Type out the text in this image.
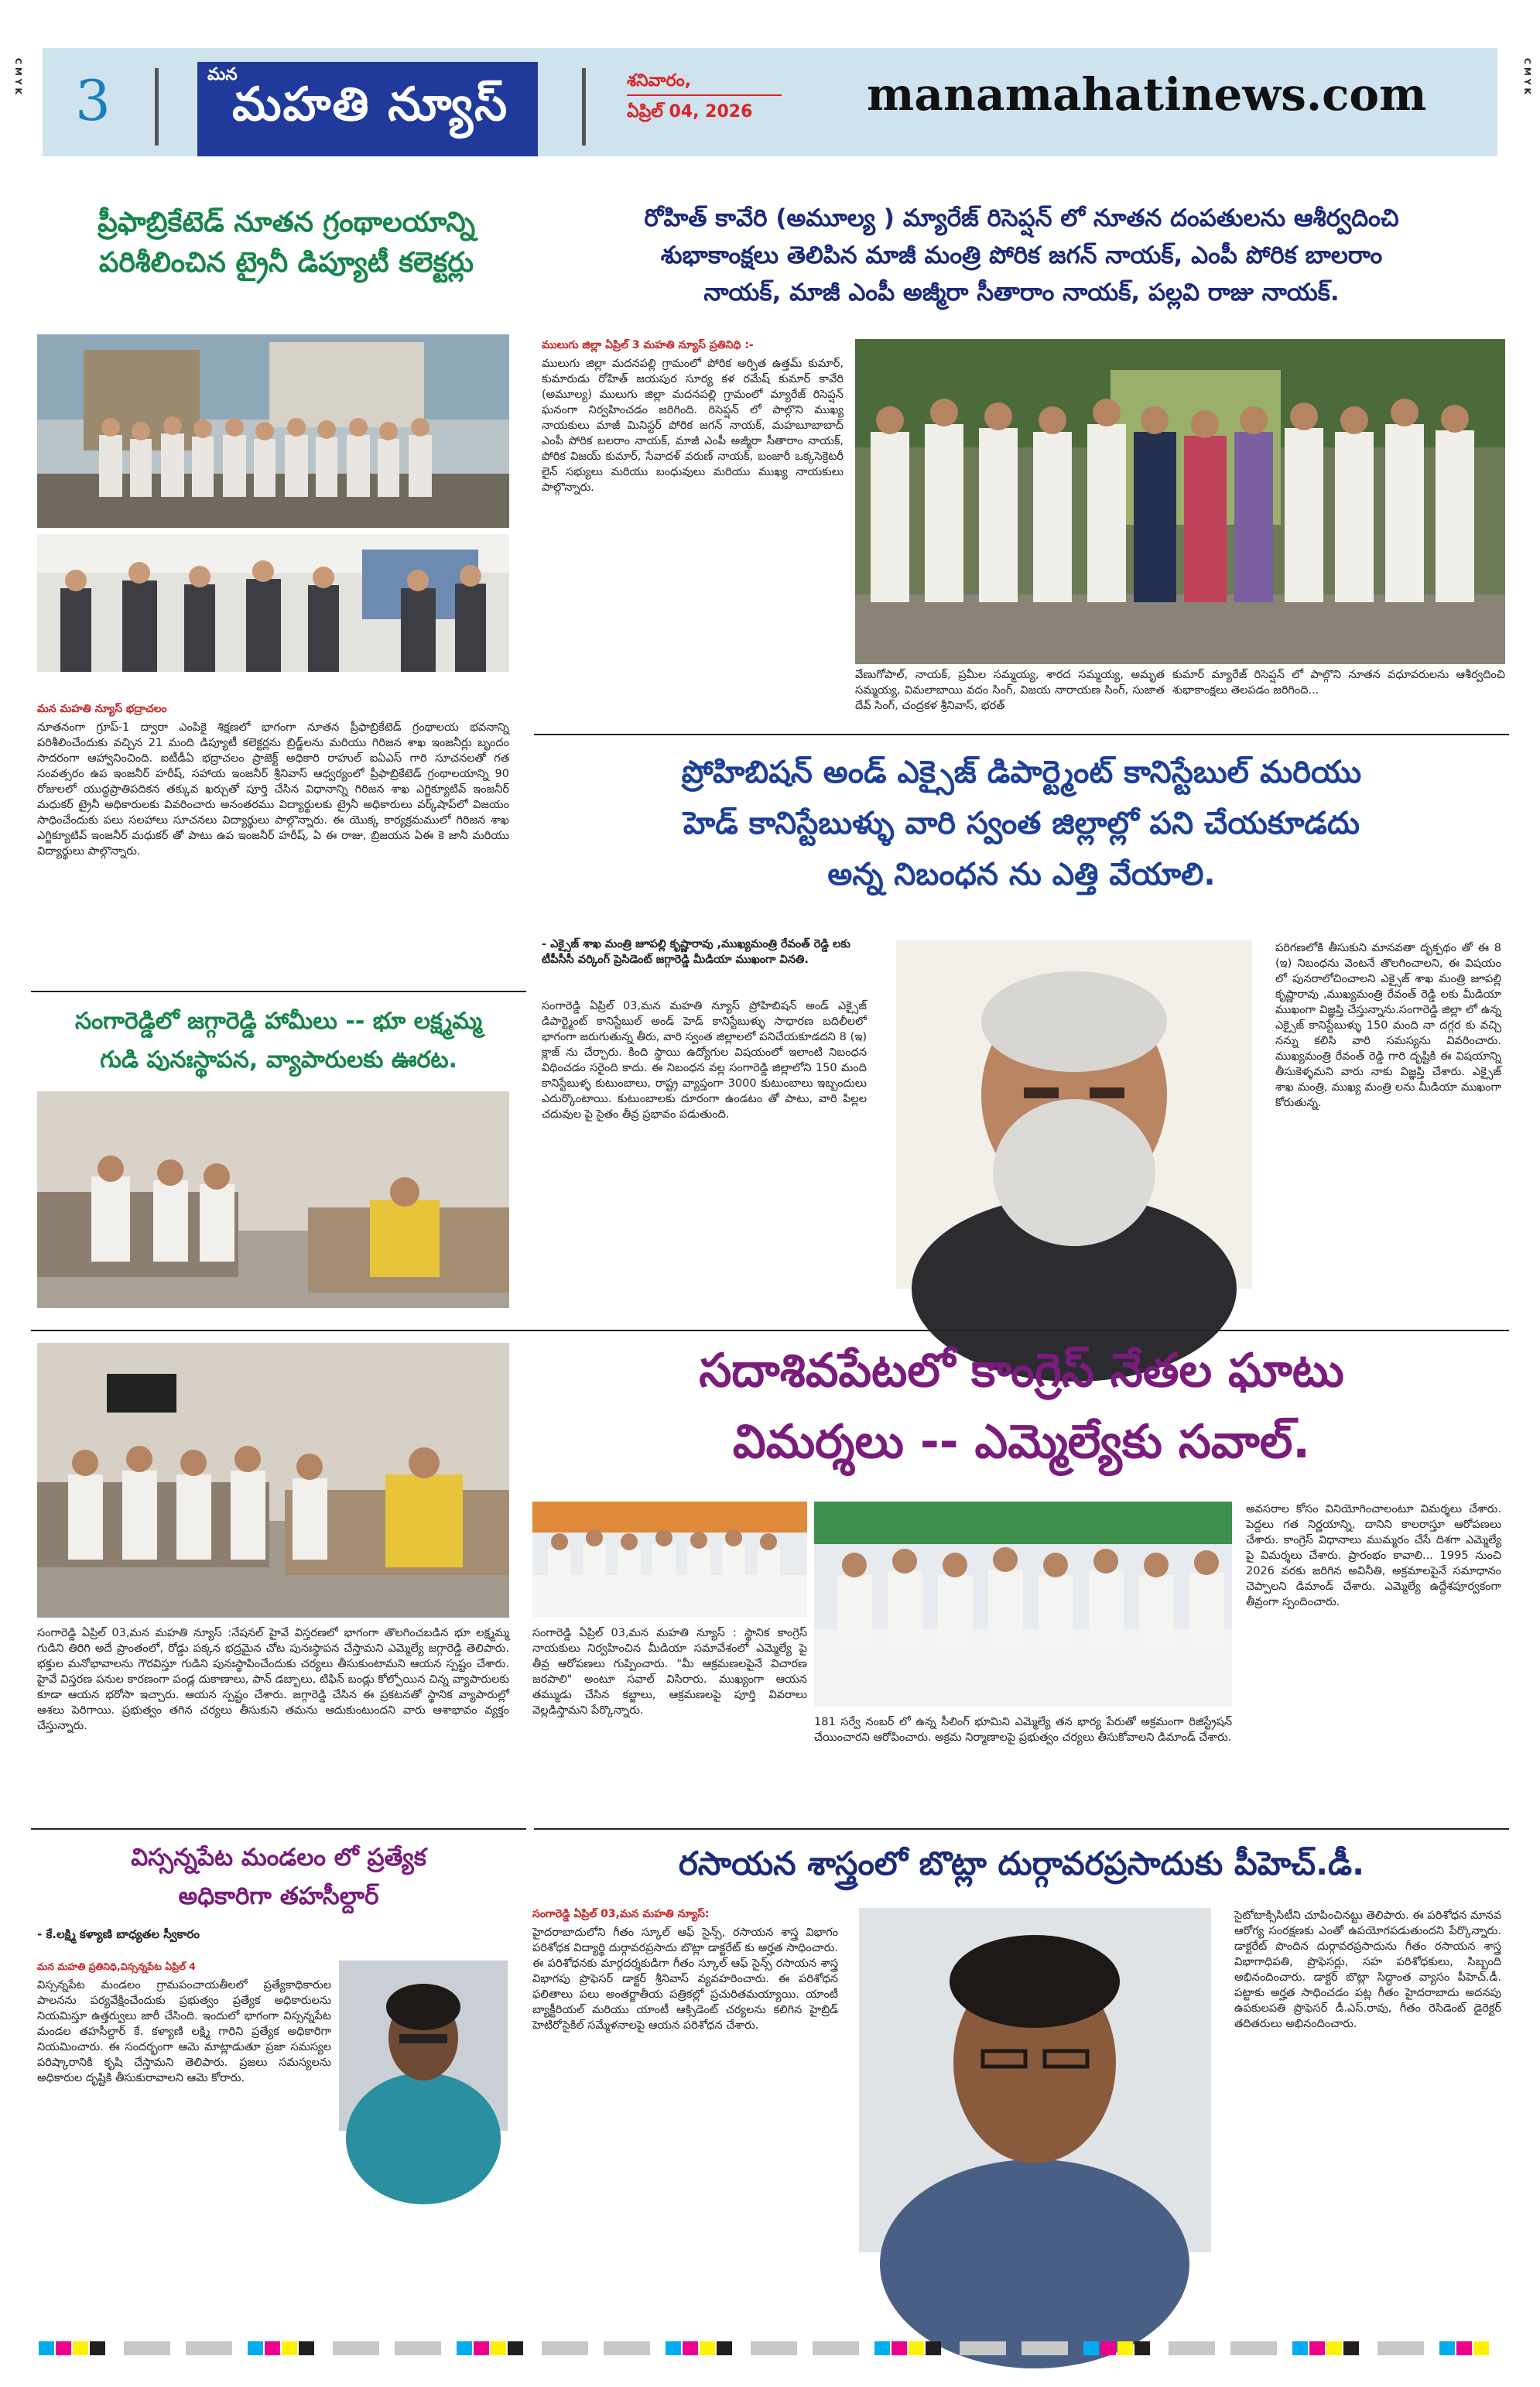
C M Y K	C M Y K
3	మన
మహతి న్యూస్	శనివారం,
ఏప్రిల్ 04, 2026	manamahatinews.com
ప్రీఫాబ్రికేటెడ్ నూతన గ్రంథాలయాన్ని
పరిశీలించిన ట్రైనీ డిప్యూటీ కలెక్టర్లు
మన మహతి న్యూస్ భద్రాచలం
నూతనంగా గ్రూప్-1 ద్వారా ఎంపికై శిక్షణలో భాగంగా నూతన ప్రీఫాబ్రికేటెడ్ గ్రంథాలయ భవనాన్ని పరిశీలించేందుకు వచ్చిన 21 మంది డిప్యూటీ కలెక్టర్లను బ్రిడ్జ్‌లను మరియు గిరిజన శాఖ ఇంజనీర్లు బృందం సాదరంగా ఆహ్వానించింది. ఐటీడీఏ భద్రాచలం ప్రాజెక్ట్ అధికారి రాహుల్ ఐఏఎస్ గారి సూచనలతో గత సంవత్సరం ఉప ఇంజనీర్ హరీష్, సహాయ ఇంజనీర్ శ్రీనివాస్ ఆధ్వర్యంలో ప్రీఫాబ్రికేటెడ్ గ్రంథాలయాన్ని 90 రోజులలో యుద్ధప్రాతిపదికన తక్కువ ఖర్చుతో పూర్తి చేసిన విధానాన్ని గిరిజన శాఖ ఎగ్జిక్యూటివ్ ఇంజనీర్ మధుకర్ ట్రైనీ అధికారులకు వివరించారు అనంతరము విద్యార్థులకు ట్రైనీ అధికారులు వర్క్‌షాప్‌లో విజయం సాధించేందుకు పలు సలహాలు సూచనలు విద్యార్థులు పాల్గొన్నారు. ఈ యొక్క కార్యక్రమములో గిరిజన శాఖ ఎగ్జిక్యూటివ్ ఇంజనీర్ మధుకర్ తో పాటు ఉప ఇంజనీర్ హరీష్, ఏ ఈ రాజు, బ్రిజయన ఏఈ కె జానీ మరియు విద్యార్థులు పాల్గొన్నారు.
రోహిత్ కావేరి (అమూల్య ) మ్యారేజ్ రిసెప్షన్ లో నూతన దంపతులను ఆశీర్వదించి
శుభాకాంక్షలు తెలిపిన మాజీ మంత్రి పోరిక జగన్ నాయక్, ఎంపీ పోరిక బాలరాం
నాయక్, మాజీ ఎంపీ అజ్మీరా సీతారాం నాయక్, పల్లవి రాజు నాయక్.
ములుగు జిల్లా ఏప్రిల్ 3 మహతి న్యూస్ ప్రతినిధి :-
ములుగు జిల్లా మదనపల్లి గ్రామంలో పోరిక అర్పిత ఉత్తమ్ కుమార్, కుమారుడు రోహిత్ జయపుర సూర్య కళ రమేష్ కుమార్ కావేరి (అమూల్య) ములుగు జిల్లా మదనపల్లి గ్రామంలో మ్యారేజ్ రిసెప్షన్ ఘనంగా నిర్వహించడం జరిగింది. రిసెప్షన్ లో పాల్గొని ముఖ్య నాయకులు మాజీ మినిస్టర్ పోరిక జగన్ నాయక్, మహబూబాబాద్ ఎంపీ పోరిక బలరాం నాయక్, మాజీ ఎంపీ అజ్మీరా సీతారాం నాయక్, పోరిక విజయ్ కుమార్, సేవాదళ్ వరుణ్ నాయక్, బంజారీ ఒక్కసెక్రెటరీ లైన్ సభ్యులు మరియు బంధువులు మరియు ముఖ్య నాయకులు పాల్గొన్నారు.
వేణుగోపాల్, నాయక్, ప్రమీల సమ్మయ్య, శారద సమ్మయ్య, అమృత సమ్మయ్య, విమలాబాయి వదం సింగ్, విజయ నారాయణ సింగ్, సుజాత దేవ్ సింగ్, చంద్రకళ శ్రీనివాస్, భరత్
కుమార్ మ్యారేజ్ రిసెప్షన్ లో పాల్గొని నూతన వధూవరులను ఆశీర్వదించి శుభాకాంక్షలు తెలపడం జరిగింది...
ప్రోహిబిషన్ అండ్ ఎక్సైజ్ డిపార్ట్మెంట్ కానిస్టేబుల్ మరియు
హెడ్ కానిస్టేబుళ్ళు వారి స్వంత జిల్లాల్లో పని చేయకూడదు
అన్న నిబంధన ను ఎత్తి వేయాలి.
- ఎక్సైజ్ శాఖ మంత్రి జూపల్లి కృష్ణారావు ,ముఖ్యమంత్రి రేవంత్ రెడ్డి లకు టీపీసీసీ వర్కింగ్ ప్రెసిడెంట్ జగ్గారెడ్డి మీడియా ముఖంగా వినతి.
సంగారెడ్డి ఏప్రిల్ 03,మన మహతి న్యూస్ ప్రోహిబిషన్ అండ్ ఎక్సైజ్ డిపార్ట్మెంట్ కానిస్టేబుల్ అండ్ హెడ్ కానిస్టేబుళ్ళు సాధారణ బదిలీలలో భాగంగా జరుగుతున్న తీరు, వారి స్వంత జిల్లాలలో పనిచేయకూడదని 8 (ఇ) క్లాజ్ ను చేర్చారు. కింది స్థాయి ఉద్యోగుల విషయంలో ఇలాంటి నిబంధన విధించడం సరైంది కాదు. ఈ నిబంధన వల్ల సంగారెడ్డి జిల్లాలోని 150 మంది కానిస్టేబుళ్ళ కుటుంబాలు, రాష్ట్ర వ్యాప్తంగా 3000 కుటుంబాలు ఇబ్బందులు ఎదుర్కొంటాయి. కుటుంబాలకు దూరంగా ఉండటం తో పాటు, వారి పిల్లల చదువుల పై సైతం తీవ్ర ప్రభావం పడుతుంది.
పరిగణలోకి తీసుకుని మానవతా దృక్పథం తో ఈ 8 (ఇ) నిబంధను వెంటనే తొలగించాలని, ఈ విషయం లో పునరాలోచించాలని ఎక్సైజ్ శాఖ మంత్రి జూపల్లి కృష్ణారావు ,ముఖ్యమంత్రి రేవంత్ రెడ్డి లకు మీడియా ముఖంగా విజ్ఞప్తి చేస్తున్నాను.సంగారెడ్డి జిల్లా లో ఉన్న ఎక్సైజ్ కానిస్టేబుళ్ళు 150 మంది నా దగ్గర కు వచ్చి నన్ను కలిసి వారి సమస్యను వివరించారు. ముఖ్యమంత్రి రేవంత్ రెడ్డి గారి దృష్టికి ఈ విషయాన్ని తీసుకెళ్ళమని వారు నాకు విజ్ఞప్తి చేశారు. ఎక్సైజ్ శాఖ మంత్రి, ముఖ్య మంత్రి లను మీడియా ముఖంగా కోరుతున్న.
సంగారెడ్డిలో జగ్గారెడ్డి హామీలు -- భూ లక్ష్మమ్మ
గుడి పునఃస్థాపన, వ్యాపారులకు ఊరట.
సంగారెడ్డి ఏప్రిల్ 03,మన మహతి న్యూస్ :నేషనల్ హైవే విస్తరణలో భాగంగా తొలగించబడిన భూ లక్ష్మమ్మ గుడిని తిరిగి అదే ప్రాంతంలో, రోడ్డు పక్కన భద్రమైన చోట పునఃస్థాపన చేస్తామని ఎమ్మెల్యే జగ్గారెడ్డి తెలిపారు. భక్తుల మనోభావాలను గౌరవిస్తూ గుడిని పునఃస్థాపించేందుకు చర్యలు తీసుకుంటామని ఆయన స్పష్టం చేశారు. హైవే విస్తరణ పనుల కారణంగా పండ్ల దుకాణాలు, పాన్ డబ్బాలు, టిఫిన్ బండ్లు కోల్పోయిన చిన్న వ్యాపారులకు కూడా ఆయన భరోసా ఇచ్చారు. ఆయన స్పష్టం చేశారు. జగ్గారెడ్డి చేసిన ఈ ప్రకటనతో స్థానిక వ్యాపారుల్లో ఆశలు పెరిగాయి. ప్రభుత్వం తగిన చర్యలు తీసుకుని తమను ఆదుకుంటుందని వారు ఆశాభావం వ్యక్తం చేస్తున్నారు.
సదాశివపేటలో కాంగ్రెస్ నేతల ఘాటు
విమర్శలు -- ఎమ్మెల్యేకు సవాల్.
సంగారెడ్డి ఏప్రిల్ 03,మన మహతి న్యూస్ : స్థానిక కాంగ్రెస్ నాయకులు నిర్వహించిన మీడియా సమావేశంలో ఎమ్మెల్యే పై తీవ్ర ఆరోపణలు గుప్పించారు. "మీ ఆక్రమణలపైనే విచారణ జరపాలి" అంటూ సవాల్ విసిరారు. ముఖ్యంగా ఆయన తమ్ముడు చేసిన కబ్జాలు, ఆక్రమణలపై పూర్తి వివరాలు వెల్లడిస్తామని పేర్కొన్నారు.
181 సర్వే నంబర్ లో ఉన్న సీలింగ్ భూమిని ఎమ్మెల్యే తన భార్య పేరుతో అక్రమంగా రిజిస్ట్రేషన్ చేయించారని ఆరోపించారు. అక్రమ నిర్మాణాలపై ప్రభుత్వం చర్యలు తీసుకోవాలని డిమాండ్ చేశారు.
అవసరాల కోసం వినియోగించాలంటూ విమర్శలు చేశారు. పెద్దలు గత నిర్ణయాన్ని, దానిని కాలరాస్తూ ఆరోపణలు చేశారు. కాంగ్రెస్ విధానాలు ముమ్మరం చేసే దిశగా ఎమ్మెల్యే పై విమర్శలు చేశారు. ప్రారంభం కావాలి... 1995 నుంచి 2026 వరకు జరిగిన అవినీతి, అక్రమాలపైనే సమాధానం చెప్పాలని డిమాండ్ చేశారు. ఎమ్మెల్యే ఉద్దేశపూర్వకంగా తీవ్రంగా స్పందించారు.
విస్సన్నపేట మండలం లో ప్రత్యేక
అధికారిగా తహసీల్దార్
- కే.లక్ష్మి కళ్యాణి బాధ్యతల స్వీకారం
మన మహతి ప్రతినిధి,విస్సన్నపేట ఏప్రిల్ 4
విస్సన్నపేట మండలం గ్రామపంచాయతీలలో ప్రత్యేకాధికారుల పాలనను పర్యవేక్షించేందుకు ప్రభుత్వం ప్రత్యేక అధికారులను నియమిస్తూ ఉత్తర్వులు జారీ చేసింది. ఇందులో భాగంగా విస్సన్నపేట మండల తహసీల్దార్ కే. కళ్యాణి లక్ష్మి గారిని ప్రత్యేక అధికారిగా నియమించారు. ఈ సందర్భంగా ఆమె మాట్లాడుతూ ప్రజా సమస్యల పరిష్కారానికి కృషి చేస్తామని తెలిపారు. ప్రజలు సమస్యలను అధికారుల దృష్టికి తీసుకురావాలని ఆమె కోరారు.
రసాయన శాస్త్రంలో బొట్లా దుర్గావరప్రసాదుకు పీహెచ్.డీ.
సంగారెడ్డి ఏప్రిల్ 03,మన మహతి న్యూస్:
హైదరాబాదులోని గీతం స్కూల్ ఆఫ్ సైన్స్, రసాయన శాస్త్ర విభాగం పరిశోధక విద్యార్థి దుర్గావరప్రసాదు బొట్లా డాక్టరేట్ కు అర్హత సాధించారు. ఈ పరిశోధనకు మార్గదర్శకుడిగా గీతం స్కూల్ ఆఫ్ సైన్స్ రసాయన శాస్త్ర విభాగపు ప్రొఫెసర్ డాక్టర్ శ్రీనివాస్ వ్యవహరించారు. ఈ పరిశోధన ఫలితాలు పలు అంతర్జాతీయ పత్రికల్లో ప్రచురితమయ్యాయి. యాంటీ బ్యాక్టీరియల్ మరియు యాంటీ ఆక్సిడెంట్ చర్యలను కలిగిన హైబ్రిడ్ హెటిరోసైకిల్ సమ్మేళనాలపై ఆయన పరిశోధన చేశారు.
సైటోటాక్సిసిటీని చూపించినట్టు తెలిపారు. ఈ పరిశోధన మానవ ఆరోగ్య సంరక్షణకు ఎంతో ఉపయోగపడుతుందని పేర్కొన్నారు. డాక్టరేట్ పొందిన దుర్గావరప్రసాదును గీతం రసాయన శాస్త్ర విభాగాధిపతి, ప్రొఫెసర్లు, సహ పరిశోధకులు, సిబ్బంది అభినందించారు. డాక్టర్ బొట్లా సిద్ధాంత వ్యాసం పీహెచ్.డీ. పట్టాకు అర్హత సాధించడం పట్ల గీతం హైదరాబాదు అదనపు ఉపకులపతి ప్రొఫెసర్ డీ.ఎస్.రావు, గీతం రెసిడెంట్ డైరెక్టర్ తదితరులు అభినందించారు.
